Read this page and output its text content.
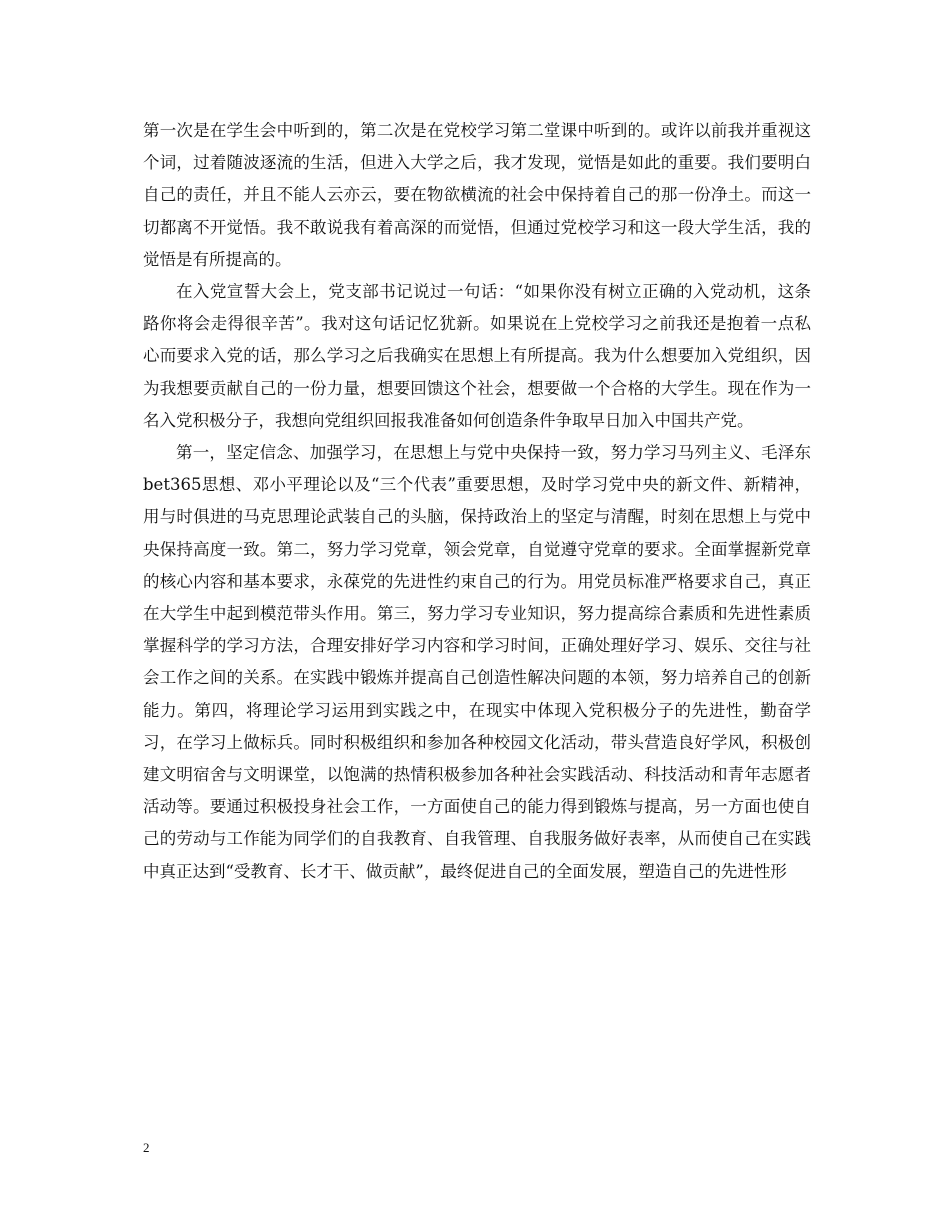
第一次是在学生会中听到的，第二次是在党校学习第二堂课中听到的。或许以前我并重视这个词，过着随波逐流的生活，但进入大学之后，我才发现，觉悟是如此的重要。我们要明白自己的责任，并且不能人云亦云，要在物欲横流的社会中保持着自己的那一份净土。而这一切都离不开觉悟。我不敢说我有着高深的而觉悟，但通过党校学习和这一段大学生活，我的觉悟是有所提高的。

在入党宣誓大会上，党支部书记说过一句话：“如果你没有树立正确的入党动机，这条路你将会走得很辛苦”。我对这句话记忆犹新。如果说在上党校学习之前我还是抱着一点私心而要求入党的话，那么学习之后我确实在思想上有所提高。我为什么想要加入党组织，因为我想要贡献自己的一份力量，想要回馈这个社会，想要做一个合格的大学生。现在作为一名入党积极分子，我想向党组织回报我准备如何创造条件争取早日加入中国共产党。

第一，坚定信念、加强学习，在思想上与党中央保持一致，努力学习马列主义、毛泽东bet365思想、邓小平理论以及“三个代表”重要思想，及时学习党中央的新文件、新精神，用与时俱进的马克思理论武装自己的头脑，保持政治上的坚定与清醒，时刻在思想上与党中央保持高度一致。第二，努力学习党章，领会党章，自觉遵守党章的要求。全面掌握新党章的核心内容和基本要求，永葆党的先进性约束自己的行为。用党员标准严格要求自己，真正在大学生中起到模范带头作用。第三，努力学习专业知识，努力提高综合素质和先进性素质掌握科学的学习方法，合理安排好学习内容和学习时间，正确处理好学习、娱乐、交往与社会工作之间的关系。在实践中锻炼并提高自己创造性解决问题的本领，努力培养自己的创新能力。第四，将理论学习运用到实践之中，在现实中体现入党积极分子的先进性，勤奋学习，在学习上做标兵。同时积极组织和参加各种校园文化活动，带头营造良好学风，积极创建文明宿舍与文明课堂，以饱满的热情积极参加各种社会实践活动、科技活动和青年志愿者活动等。要通过积极投身社会工作，一方面使自己的能力得到锻炼与提高，另一方面也使自己的劳动与工作能为同学们的自我教育、自我管理、自我服务做好表率，从而使自己在实践中真正达到“受教育、长才干、做贡献”，最终促进自己的全面发展，塑造自己的先进性形

2
